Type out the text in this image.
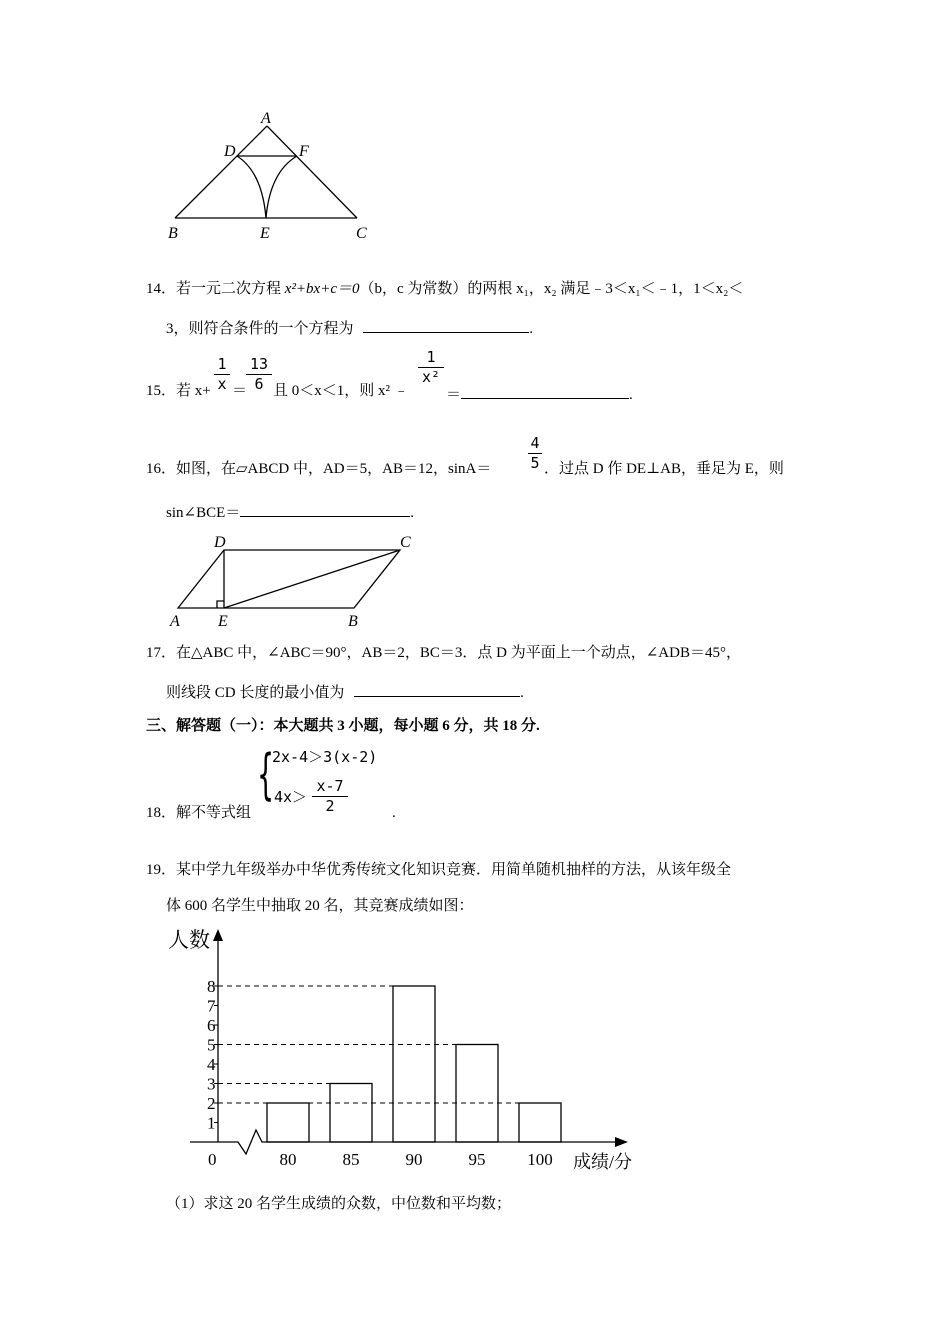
A
D	F
B	E	C
14．若一元二次方程 x²+bx+c＝0（b，c 为常数）的两根 x₁，x₂ 满足﹣3＜x₁＜﹣1，1＜x₂＜
3，则符合条件的一个方程为	.
15．若 x+
1
x ＝
13
6 且 0＜x＜1，则 x² ﹣
1
x²
＝	.
16．如图，在▱ABCD 中，AD＝5，AB＝12，sinA＝
4
5 ．过点 D 作 DE⊥AB，垂足为 E，则
sin∠BCE＝	.
D	C
A E	B
17．在△ABC 中，∠ABC＝90°，AB＝2，BC＝3．点 D 为平面上一个动点，∠ADB＝45°，
则线段 CD 长度的最小值为	.
三、解答题（一）：本大题共 3 小题，每小题 6 分，共 18 分.
18．解不等式组
{
2x-4＞3(x-2)
4x＞
x-7
2	.
19．某中学九年级举办中华优秀传统文化知识竞赛．用简单随机抽样的方法，从该年级全
体 600 名学生中抽取 20 名，其竞赛成绩如图：
80	85	90	95 100
0
1
2
3
4
5
6
7
8
人数
成绩/分
（1）求这 20 名学生成绩的众数，中位数和平均数；
